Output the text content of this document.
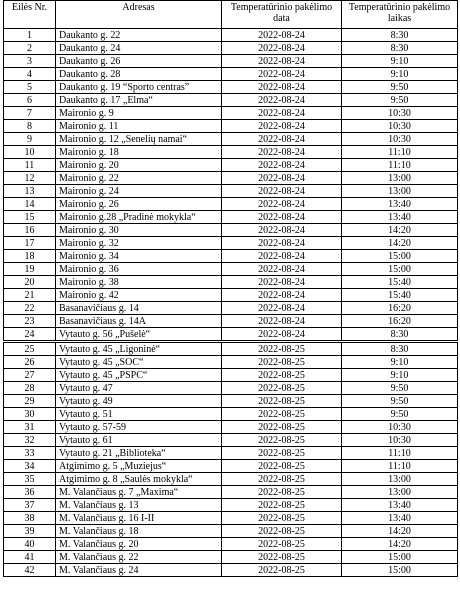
Eilės Nr.	Adresas	Temperatūrinio pakėlimo data	Temperatūrinio pakėlimo laikas
1	Daukanto g. 22	2022-08-24	8:30
2	Daukanto g. 24	2022-08-24	8:30
3	Daukanto g. 26	2022-08-24	9:10
4	Daukanto g. 28	2022-08-24	9:10
5	Daukanto g. 19 “Sporto centras”	2022-08-24	9:50
6	Daukanto g. 17 „Elma“	2022-08-24	9:50
7	Maironio g. 9	2022-08-24	10:30
8	Maironio g. 11	2022-08-24	10:30
9	Maironio g. 12 „Senelių namai“	2022-08-24	10:30
10	Maironio g. 18	2022-08-24	11:10
11	Maironio g. 20	2022-08-24	11:10
12	Maironio g. 22	2022-08-24	13:00
13	Maironio g. 24	2022-08-24	13:00
14	Maironio g. 26	2022-08-24	13:40
15	Maironio g.28 „Pradinė mokykla“	2022-08-24	13:40
16	Maironio g. 30	2022-08-24	14:20
17	Maironio g. 32	2022-08-24	14:20
18	Maironio g. 34	2022-08-24	15:00
19	Maironio g. 36	2022-08-24	15:00
20	Maironio g. 38	2022-08-24	15:40
21	Maironio g. 42	2022-08-24	15:40
22	Basanavičiaus g. 14	2022-08-24	16:20
23	Basanavičiaus g. 14A	2022-08-24	16:20
24	Vytauto g. 56 „Pušelė“	2022-08-24	8:30
25	Vytauto g. 45 „Ligoninė“	2022-08-25	8:30
26	Vytauto g. 45 „SOC“	2022-08-25	9:10
27	Vytauto g. 45 „PSPC“	2022-08-25	9:10
28	Vytauto g. 47	2022-08-25	9:50
29	Vytauto g. 49	2022-08-25	9:50
30	Vytauto g. 51	2022-08-25	9:50
31	Vytauto g. 57-59	2022-08-25	10:30
32	Vytauto g. 61	2022-08-25	10:30
33	Vytauto g. 21 „Biblioteka“	2022-08-25	11:10
34	Atgimimo g. 5 „Muziejus“	2022-08-25	11:10
35	Atgimimo g. 8 „Saulės mokykla“	2022-08-25	13:00
36	M. Valančiaus g. 7 „Maxima“	2022-08-25	13:00
37	M. Valančiaus g. 13	2022-08-25	13:40
38	M. Valančiaus g. 16 I-II	2022-08-25	13:40
39	M. Valančiaus g. 18	2022-08-25	14:20
40	M. Valančiaus g. 20	2022-08-25	14:20
41	M. Valančiaus g. 22	2022-08-25	15:00
42	M. Valančiaus g. 24	2022-08-25	15:00
